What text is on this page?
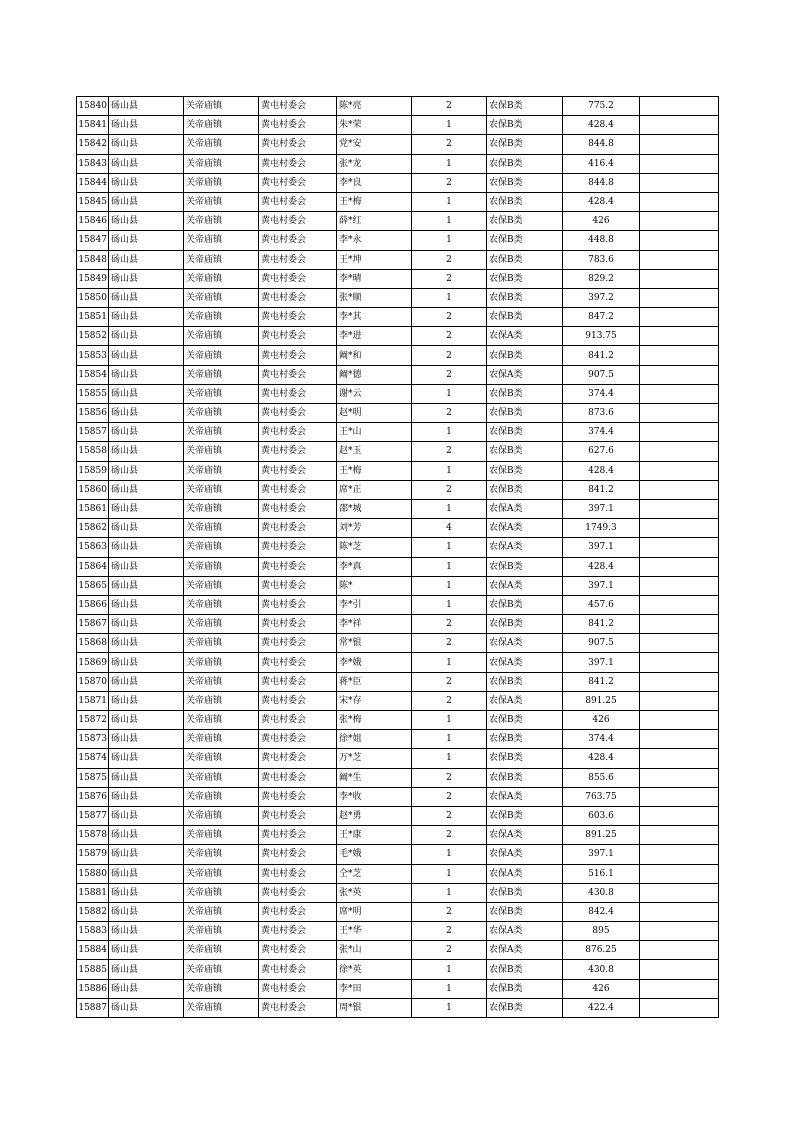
15840	砀山县	关帝庙镇	黄屯村委会	陈*亮	2	农保B类	775.2	
15841	砀山县	关帝庙镇	黄屯村委会	朱*荣	1	农保B类	428.4	
15842	砀山县	关帝庙镇	黄屯村委会	党*安	2	农保B类	844.8	
15843	砀山县	关帝庙镇	黄屯村委会	张*龙	1	农保B类	416.4	
15844	砀山县	关帝庙镇	黄屯村委会	李*良	2	农保B类	844.8	
15845	砀山县	关帝庙镇	黄屯村委会	王*梅	1	农保B类	428.4	
15846	砀山县	关帝庙镇	黄屯村委会	薛*红	1	农保B类	426	
15847	砀山县	关帝庙镇	黄屯村委会	李*永	1	农保B类	448.8	
15848	砀山县	关帝庙镇	黄屯村委会	王*坤	2	农保B类	783.6	
15849	砀山县	关帝庙镇	黄屯村委会	李*晴	2	农保B类	829.2	
15850	砀山县	关帝庙镇	黄屯村委会	张*顺	1	农保B类	397.2	
15851	砀山县	关帝庙镇	黄屯村委会	李*其	2	农保B类	847.2	
15852	砀山县	关帝庙镇	黄屯村委会	李*进	2	农保A类	913.75	
15853	砀山县	关帝庙镇	黄屯村委会	阚*和	2	农保B类	841.2	
15854	砀山县	关帝庙镇	黄屯村委会	阚*德	2	农保A类	907.5	
15855	砀山县	关帝庙镇	黄屯村委会	谢*云	1	农保B类	374.4	
15856	砀山县	关帝庙镇	黄屯村委会	赵*明	2	农保B类	873.6	
15857	砀山县	关帝庙镇	黄屯村委会	王*山	1	农保B类	374.4	
15858	砀山县	关帝庙镇	黄屯村委会	赵*玉	2	农保B类	627.6	
15859	砀山县	关帝庙镇	黄屯村委会	王*梅	1	农保B类	428.4	
15860	砀山县	关帝庙镇	黄屯村委会	席*正	2	农保B类	841.2	
15861	砀山县	关帝庙镇	黄屯村委会	邵*城	1	农保A类	397.1	
15862	砀山县	关帝庙镇	黄屯村委会	刘*芳	4	农保A类	1749.3	
15863	砀山县	关帝庙镇	黄屯村委会	陈*芝	1	农保A类	397.1	
15864	砀山县	关帝庙镇	黄屯村委会	李*真	1	农保B类	428.4	
15865	砀山县	关帝庙镇	黄屯村委会	陈*	1	农保A类	397.1	
15866	砀山县	关帝庙镇	黄屯村委会	李*引	1	农保B类	457.6	
15867	砀山县	关帝庙镇	黄屯村委会	李*祥	2	农保B类	841.2	
15868	砀山县	关帝庙镇	黄屯村委会	常*银	2	农保A类	907.5	
15869	砀山县	关帝庙镇	黄屯村委会	李*娥	1	农保A类	397.1	
15870	砀山县	关帝庙镇	黄屯村委会	蒋*臣	2	农保B类	841.2	
15871	砀山县	关帝庙镇	黄屯村委会	宋*存	2	农保A类	891.25	
15872	砀山县	关帝庙镇	黄屯村委会	张*梅	1	农保B类	426	
15873	砀山县	关帝庙镇	黄屯村委会	徐*姐	1	农保B类	374.4	
15874	砀山县	关帝庙镇	黄屯村委会	万*芝	1	农保B类	428.4	
15875	砀山县	关帝庙镇	黄屯村委会	阚*生	2	农保B类	855.6	
15876	砀山县	关帝庙镇	黄屯村委会	李*收	2	农保A类	763.75	
15877	砀山县	关帝庙镇	黄屯村委会	赵*勇	2	农保B类	603.6	
15878	砀山县	关帝庙镇	黄屯村委会	王*康	2	农保A类	891.25	
15879	砀山县	关帝庙镇	黄屯村委会	毛*娥	1	农保A类	397.1	
15880	砀山县	关帝庙镇	黄屯村委会	仝*芝	1	农保A类	516.1	
15881	砀山县	关帝庙镇	黄屯村委会	张*英	1	农保B类	430.8	
15882	砀山县	关帝庙镇	黄屯村委会	席*明	2	农保B类	842.4	
15883	砀山县	关帝庙镇	黄屯村委会	王*华	2	农保A类	895	
15884	砀山县	关帝庙镇	黄屯村委会	张*山	2	农保A类	876.25	
15885	砀山县	关帝庙镇	黄屯村委会	徐*英	1	农保B类	430.8	
15886	砀山县	关帝庙镇	黄屯村委会	李*田	1	农保B类	426	
15887	砀山县	关帝庙镇	黄屯村委会	周*银	1	农保B类	422.4	
